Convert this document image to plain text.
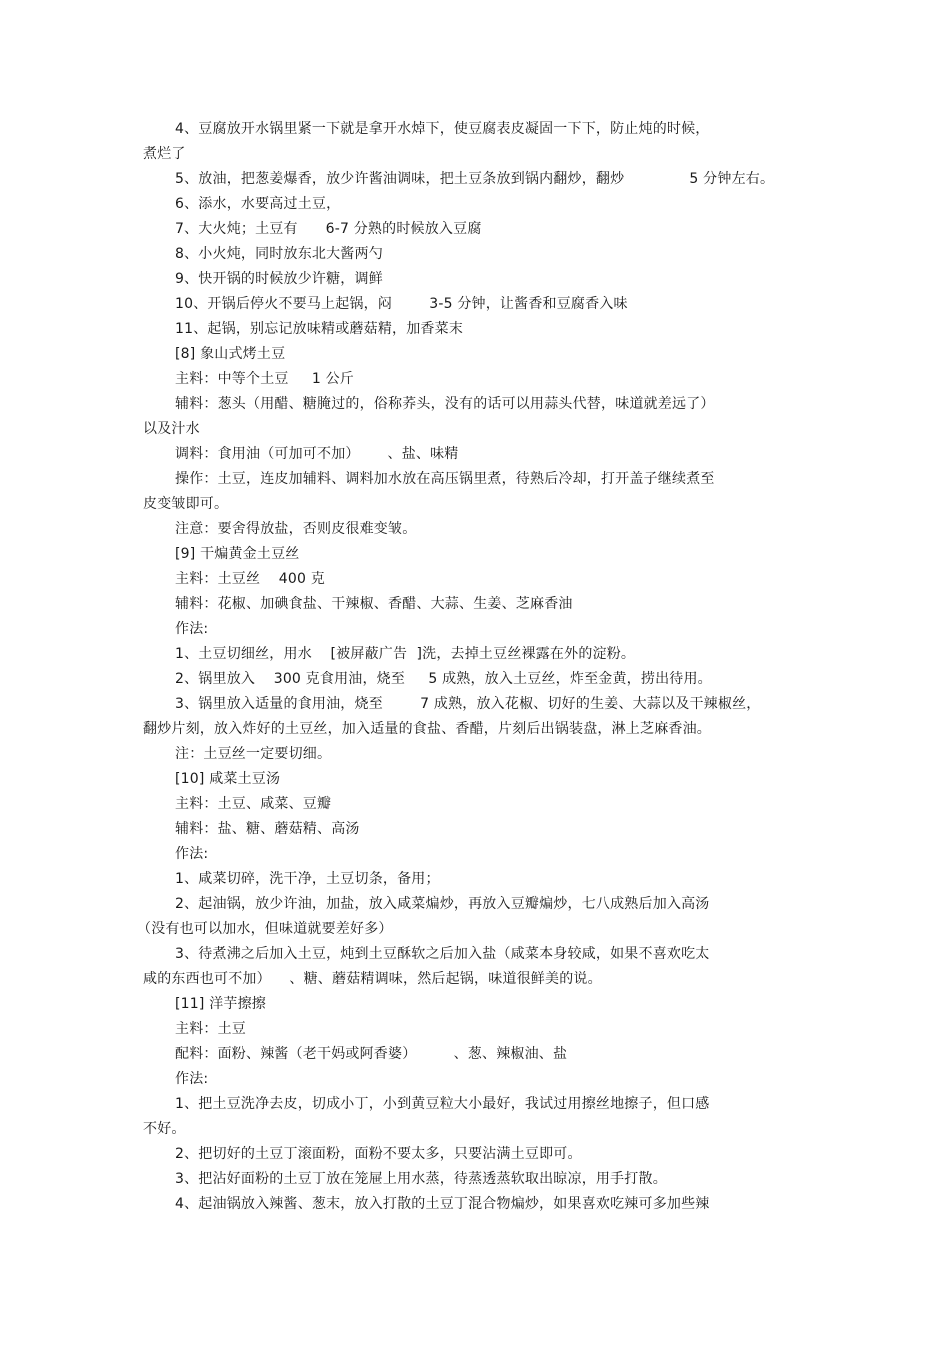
4、豆腐放开水锅里紧一下就是拿开水焯下，使豆腐表皮凝固一下下，防止炖的时候，
煮烂了
5、放油，把葱姜爆香，放少许酱油调味，把土豆条放到锅内翻炒，翻炒              5 分钟左右。
6、添水，水要高过土豆，
7、大火炖；土豆有      6-7 分熟的时候放入豆腐
8、小火炖，同时放东北大酱两勺
9、快开锅的时候放少许糖，调鲜
10、开锅后停火不要马上起锅，闷        3-5 分钟，让酱香和豆腐香入味
11、起锅，别忘记放味精或蘑菇精，加香菜末
[8] 象山式烤土豆
主料：中等个土豆     1 公斤
辅料：葱头（用醋、糖腌过的，俗称荞头，没有的话可以用蒜头代替，味道就差远了）
以及汁水
调料：食用油（可加可不加）      、盐、味精
操作：土豆，连皮加辅料、调料加水放在高压锅里煮，待熟后冷却，打开盖子继续煮至
皮变皱即可。
注意：要舍得放盐，否则皮很难变皱。
[9] 干煸黄金土豆丝
主料：土豆丝    400 克
辅料：花椒、加碘食盐、干辣椒、香醋、大蒜、生姜、芝麻香油
作法:
1、土豆切细丝，用水    [被屏蔽广告  ]洗，去掉土豆丝裸露在外的淀粉。
2、锅里放入    300 克食用油，烧至     5 成熟，放入土豆丝，炸至金黄，捞出待用。
3、锅里放入适量的食用油，烧至        7 成熟，放入花椒、切好的生姜、大蒜以及干辣椒丝，
翻炒片刻，放入炸好的土豆丝，加入适量的食盐、香醋，片刻后出锅装盘，淋上芝麻香油。
注：土豆丝一定要切细。
[10] 咸菜土豆汤
主料：土豆、咸菜、豆瓣
辅料：盐、糖、蘑菇精、高汤
作法:
1、咸菜切碎，洗干净，土豆切条，备用；
2、起油锅，放少许油，加盐，放入咸菜煸炒，再放入豆瓣煸炒，七八成熟后加入高汤
（没有也可以加水，但味道就要差好多）
3、待煮沸之后加入土豆，炖到土豆酥软之后加入盐（咸菜本身较咸，如果不喜欢吃太
咸的东西也可不加）    、糖、蘑菇精调味，然后起锅，味道很鲜美的说。
[11] 洋芋擦擦
主料：土豆
配料：面粉、辣酱（老干妈或阿香婆）        、葱、辣椒油、盐
作法:
1、把土豆洗净去皮，切成小丁，小到黄豆粒大小最好，我试过用擦丝地擦子，但口感
不好。
2、把切好的土豆丁滚面粉，面粉不要太多，只要沾满土豆即可。
3、把沾好面粉的土豆丁放在笼屉上用水蒸，待蒸透蒸软取出晾凉，用手打散。
4、起油锅放入辣酱、葱末，放入打散的土豆丁混合物煸炒，如果喜欢吃辣可多加些辣
